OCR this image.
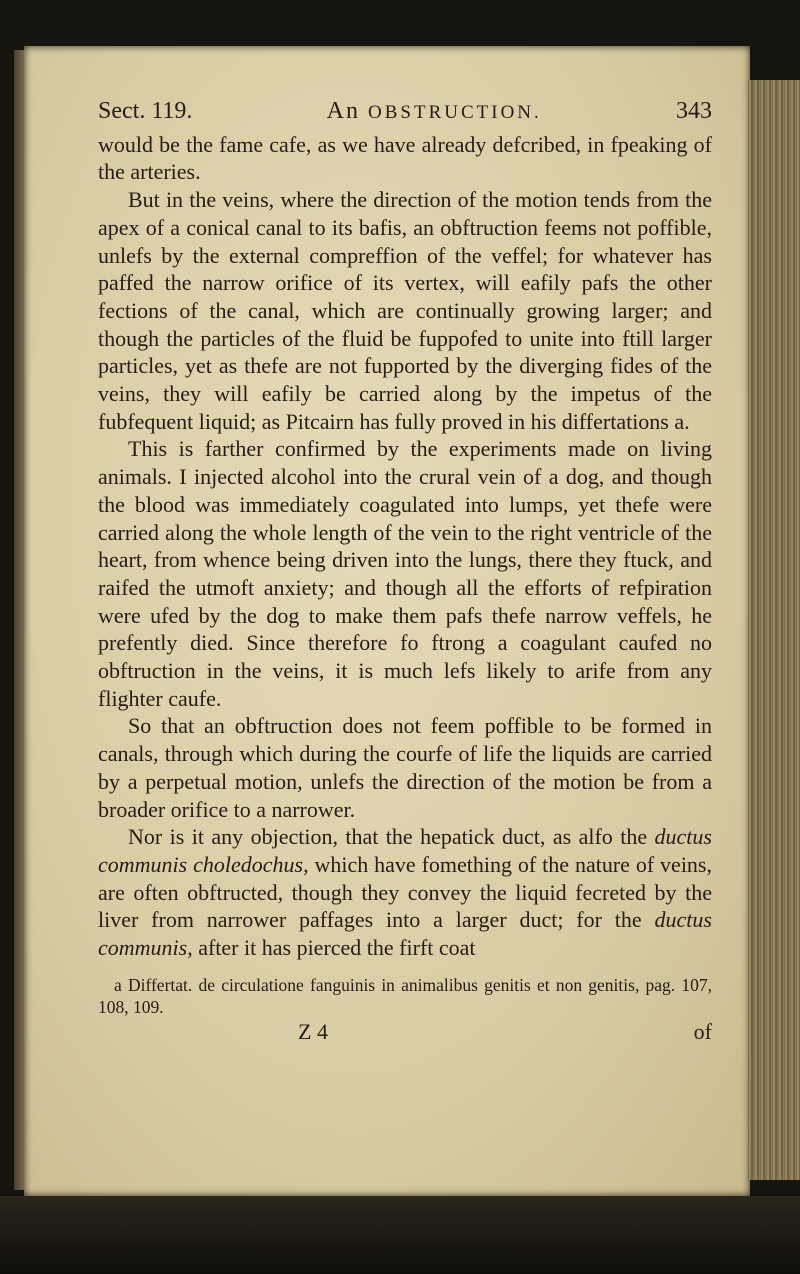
Sect. 119.	An OBSTRUCTION.	343

would be the fame cafe, as we have already defcribed, in fpeaking of the arteries.

But in the veins, where the direction of the motion tends from the apex of a conical canal to its bafis, an obftruction feems not poffible, unlefs by the external compreffion of the veffel; for whatever has paffed the narrow orifice of its vertex, will eafily pafs the other fections of the canal, which are continually growing larger; and though the particles of the fluid be fuppofed to unite into ftill larger particles, yet as thefe are not fupported by the diverging fides of the veins, they will eafily be carried along by the impetus of the fubfequent liquid; as Pitcairn has fully proved in his differtations a.

This is farther confirmed by the experiments made on living animals. I injected alcohol into the crural vein of a dog, and though the blood was immediately coagulated into lumps, yet thefe were carried along the whole length of the vein to the right ventricle of the heart, from whence being driven into the lungs, there they ftuck, and raifed the utmoft anxiety; and though all the efforts of refpiration were ufed by the dog to make them pafs thefe narrow veffels, he prefently died. Since therefore fo ftrong a coagulant caufed no obftruction in the veins, it is much lefs likely to arife from any flighter caufe.

So that an obftruction does not feem poffible to be formed in canals, through which during the courfe of life the liquids are carried by a perpetual motion, unlefs the direction of the motion be from a broader orifice to a narrower.

Nor is it any objection, that the hepatick duct, as alfo the ductus communis choledochus, which have fomething of the nature of veins, are often obftructed, though they convey the liquid fecreted by the liver from narrower paffages into a larger duct; for the ductus communis, after it has pierced the firft coat

a Differtat. de circulatione fanguinis in animalibus genitis et non genitis, pag. 107, 108, 109.

Z 4	of
